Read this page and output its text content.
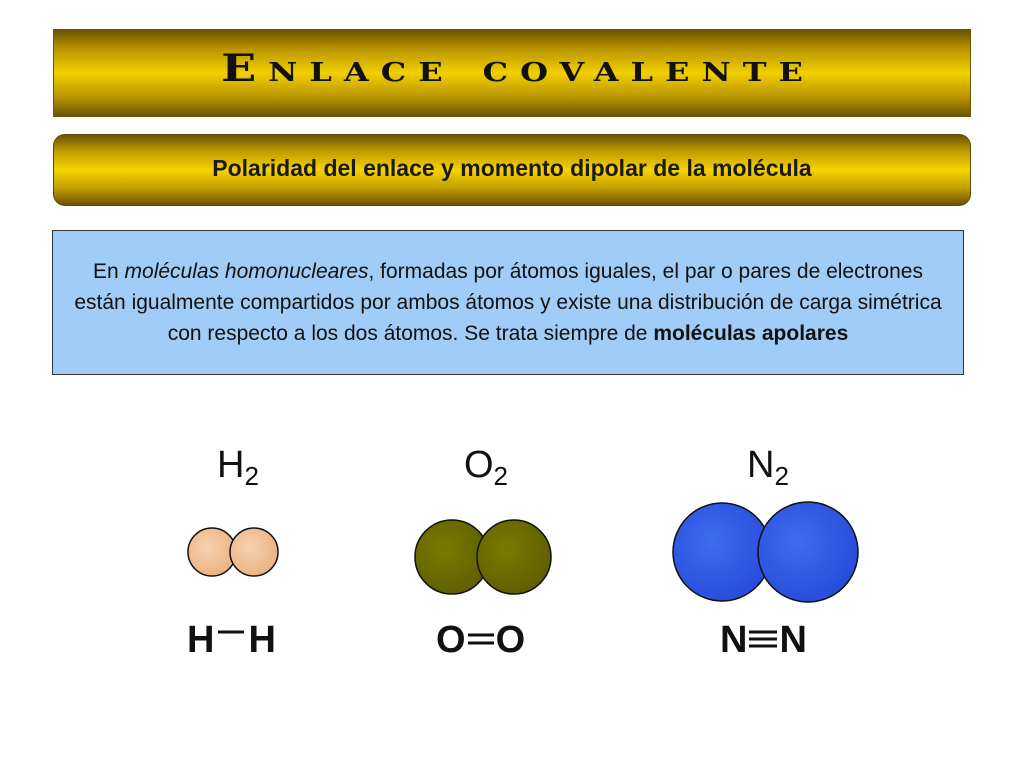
Enlace covalente
Polaridad del enlace y momento dipolar de la molécula

En moléculas homonucleares, formadas por átomos iguales, el par o pares de electrones están igualmente compartidos por ambos átomos y existe una distribución de carga simétrica con respecto a los dos átomos. Se trata siempre de moléculas apolares

$H_2$	$O_2$	$N_2$
H H	O O	N N
